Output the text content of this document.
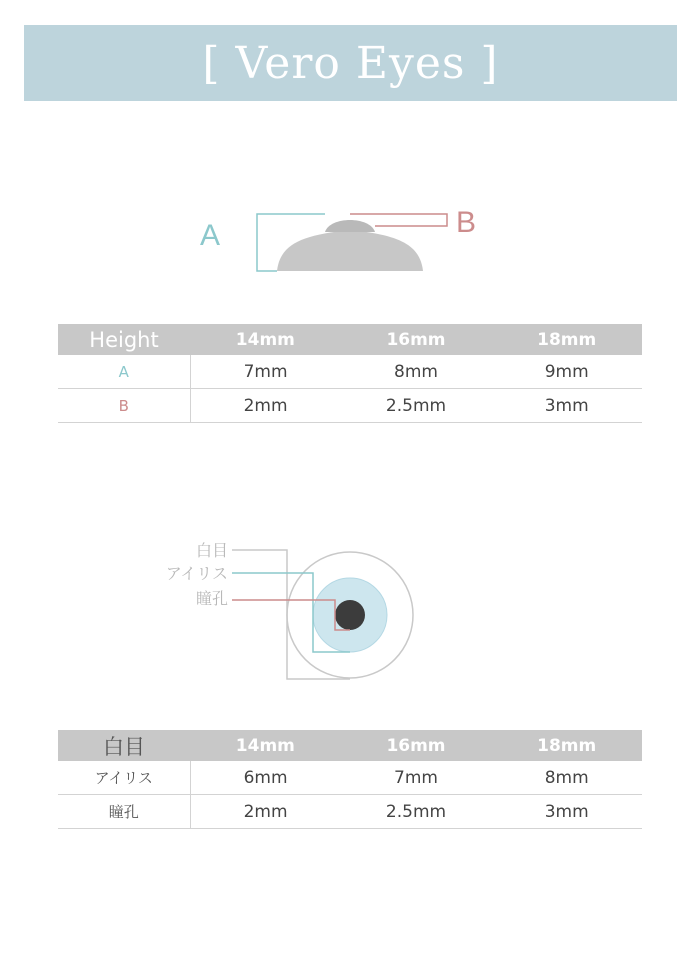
[ Vero Eyes ]
A	B
Height	14mm	16mm	18mm
A	7mm	8mm	9mm
B	2mm	2.5mm	3mm
白目
アイリス
瞳孔
白目	14mm	16mm	18mm
アイリス	6mm	7mm	8mm
瞳孔	2mm	2.5mm	3mm
